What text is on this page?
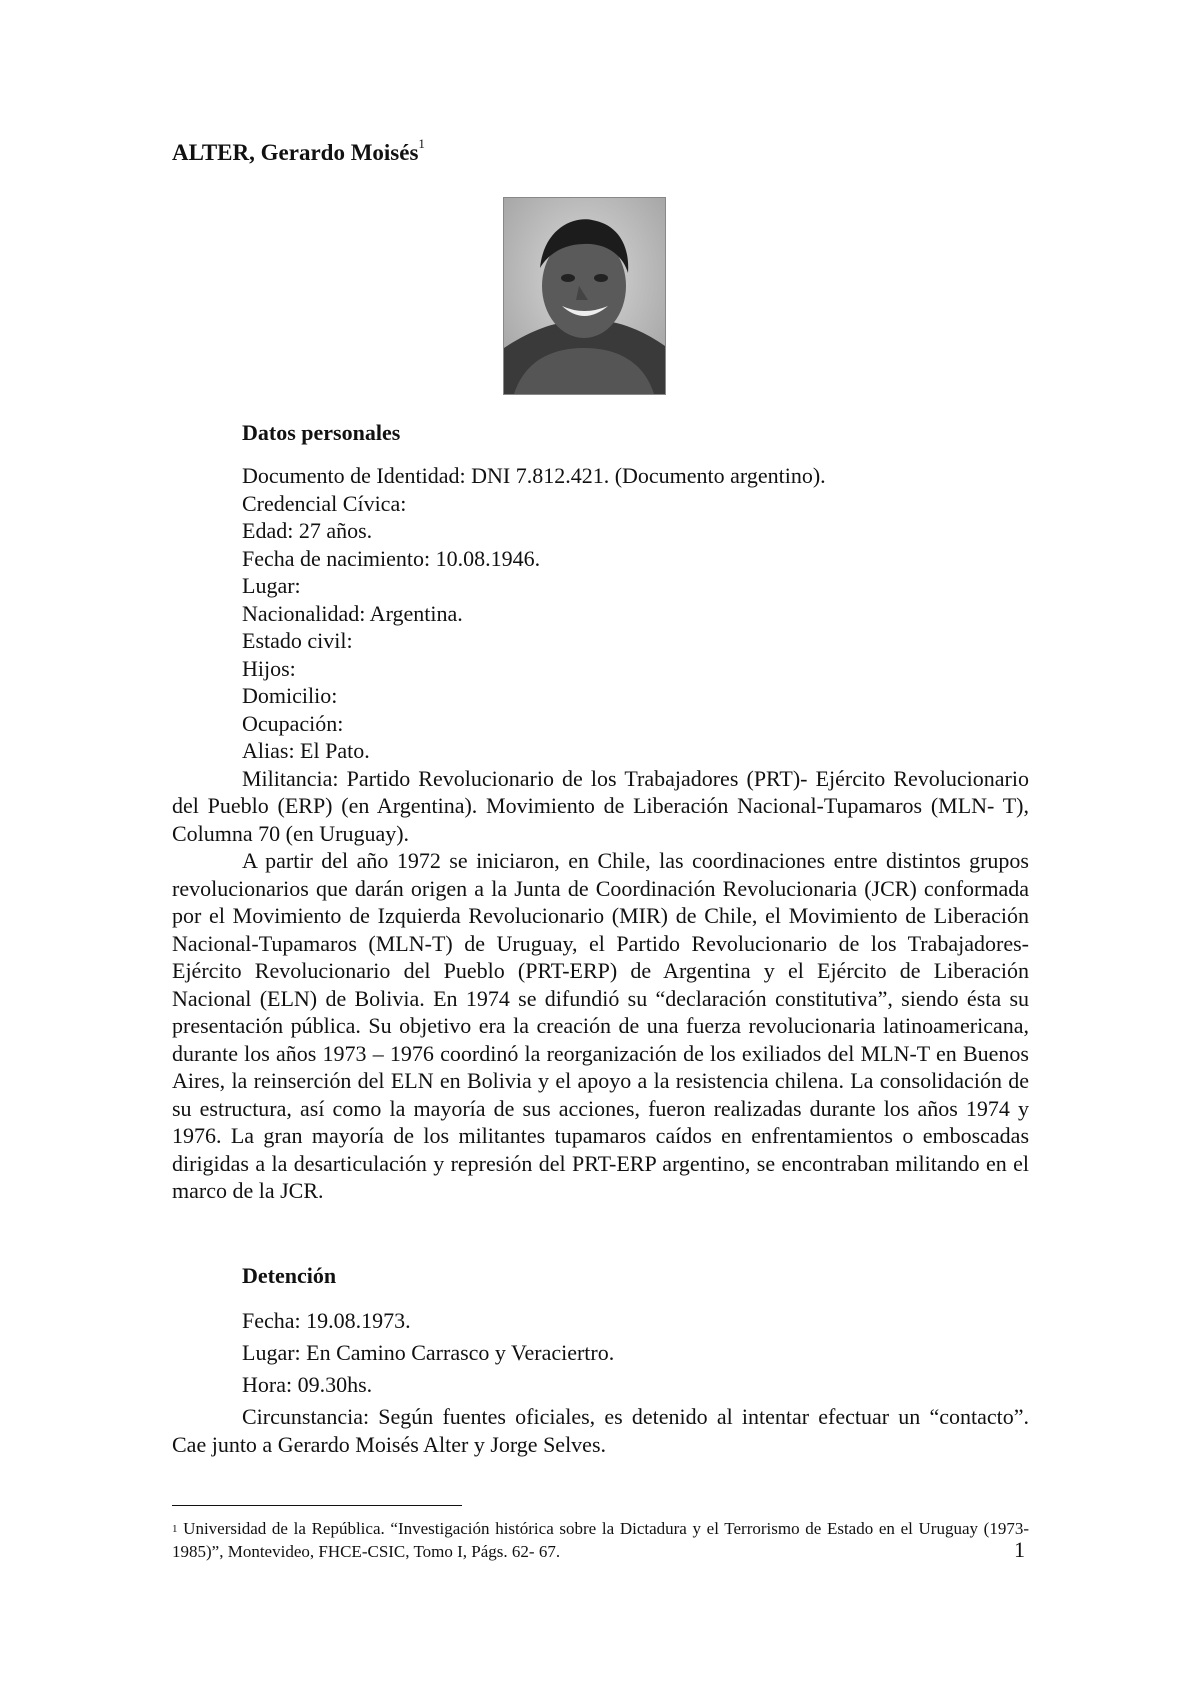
ALTER, Gerardo Moisés$^1$
Datos personales
Documento de Identidad: DNI 7.812.421. (Documento argentino).
Credencial Cívica:
Edad: 27 años.
Fecha de nacimiento: 10.08.1946.
Lugar:
Nacionalidad: Argentina.
Estado civil:
Hijos:
Domicilio:
Ocupación:
Alias: El Pato.
Militancia: Partido Revolucionario de los Trabajadores (PRT)- Ejército Revolucionario del Pueblo (ERP) (en Argentina). Movimiento de Liberación Nacional-Tupamaros (MLN- T), Columna 70 (en Uruguay).
A partir del año 1972 se iniciaron, en Chile, las coordinaciones entre distintos grupos revolucionarios que darán origen a la Junta de Coordinación Revolucionaria (JCR) conformada por el Movimiento de Izquierda Revolucionario (MIR) de Chile, el Movimiento de Liberación Nacional-Tupamaros (MLN-T) de Uruguay, el Partido Revolucionario de los Trabajadores-Ejército Revolucionario del Pueblo (PRT-ERP) de Argentina y el Ejército de Liberación Nacional (ELN) de Bolivia. En 1974 se difundió su “declaración constitutiva”, siendo ésta su presentación pública. Su objetivo era la creación de una fuerza revolucionaria latinoamericana, durante los años 1973 – 1976 coordinó la reorganización de los exiliados del MLN-T en Buenos Aires, la reinserción del ELN en Bolivia y el apoyo a la resistencia chilena. La consolidación de su estructura, así como la mayoría de sus acciones, fueron realizadas durante los años 1974 y 1976. La gran mayoría de los militantes tupamaros caídos en enfrentamientos o emboscadas dirigidas a la desarticulación y represión del PRT-ERP argentino, se encontraban militando en el marco de la JCR.
Detención
Fecha: 19.08.1973.
Lugar: En Camino Carrasco y Veraciertro.
Hora: 09.30hs.
Circunstancia: Según fuentes oficiales, es detenido al intentar efectuar un “contacto”. Cae junto a Gerardo Moisés Alter y Jorge Selves.
$^1$ Universidad de la República. “Investigación histórica sobre la Dictadura y el Terrorismo de Estado en el Uruguay (1973-1985)”, Montevideo, FHCE-CSIC, Tomo I, Págs. 62- 67.	1
